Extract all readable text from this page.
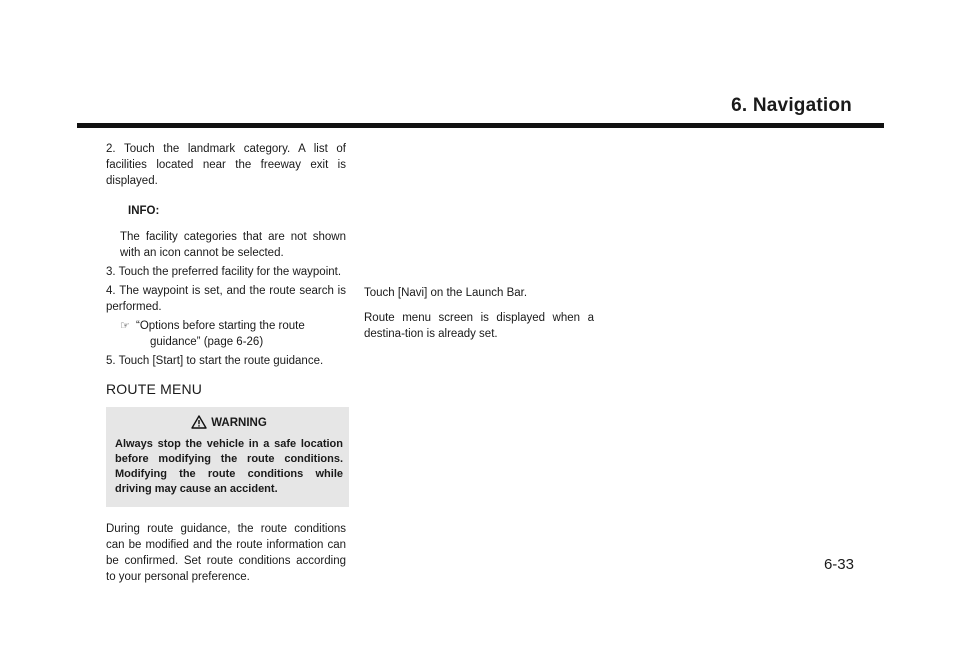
6. Navigation
2. Touch the landmark category. A list of facilities located near the freeway exit is displayed.
INFO:
The facility categories that are not shown with an icon cannot be selected.
3. Touch the preferred facility for the waypoint.
4. The waypoint is set, and the route search is performed.
☞ “Options before starting the route
guidance” (page 6-26)
5. Touch [Start] to start the route guidance.
ROUTE MENU
WARNING
Always stop the vehicle in a safe location before modifying the route conditions. Modifying the route conditions while driving may cause an accident.
During route guidance, the route conditions can be modified and the route information can be confirmed. Set route conditions according to your personal preference.
Touch [Navi] on the Launch Bar.
Route menu screen is displayed when a destina-tion is already set.
6-33
